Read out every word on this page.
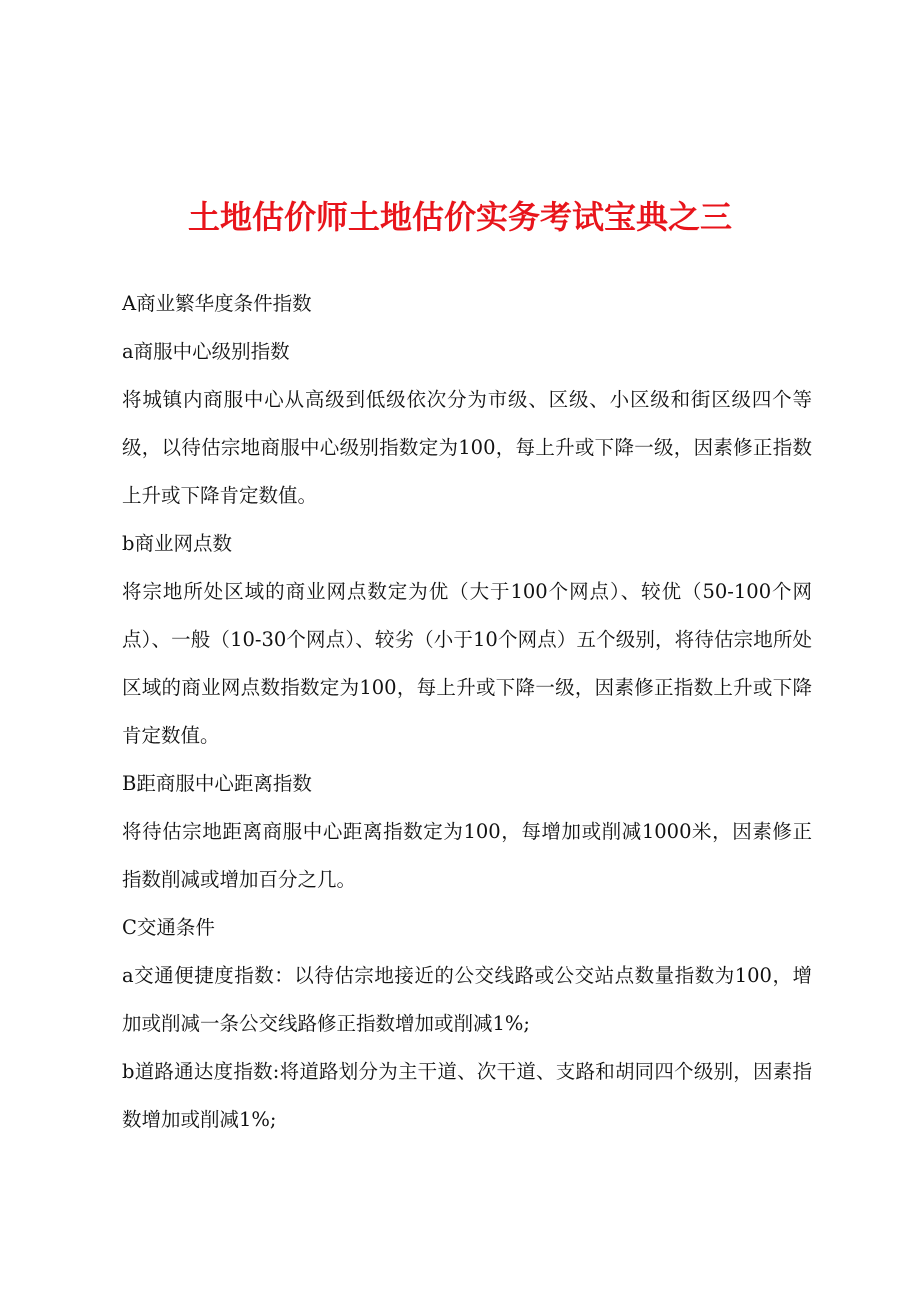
土地估价师土地估价实务考试宝典之三

A商业繁华度条件指数

a商服中心级别指数

将城镇内商服中心从高级到低级依次分为市级、区级、小区级和街区级四个等级，以待估宗地商服中心级别指数定为100，每上升或下降一级，因素修正指数上升或下降肯定数值。

b商业网点数

将宗地所处区域的商业网点数定为优（大于100个网点）、较优（50-100个网点）、一般（10-30个网点）、较劣（小于10个网点）五个级别，将待估宗地所处区域的商业网点数指数定为100，每上升或下降一级，因素修正指数上升或下降肯定数值。

B距商服中心距离指数

将待估宗地距离商服中心距离指数定为100，每增加或削减1000米，因素修正指数削减或增加百分之几。

C交通条件

a交通便捷度指数：以待估宗地接近的公交线路或公交站点数量指数为100，增加或削减一条公交线路修正指数增加或削减1%;

b道路通达度指数:将道路划分为主干道、次干道、支路和胡同四个级别，因素指数增加或削减1%;
